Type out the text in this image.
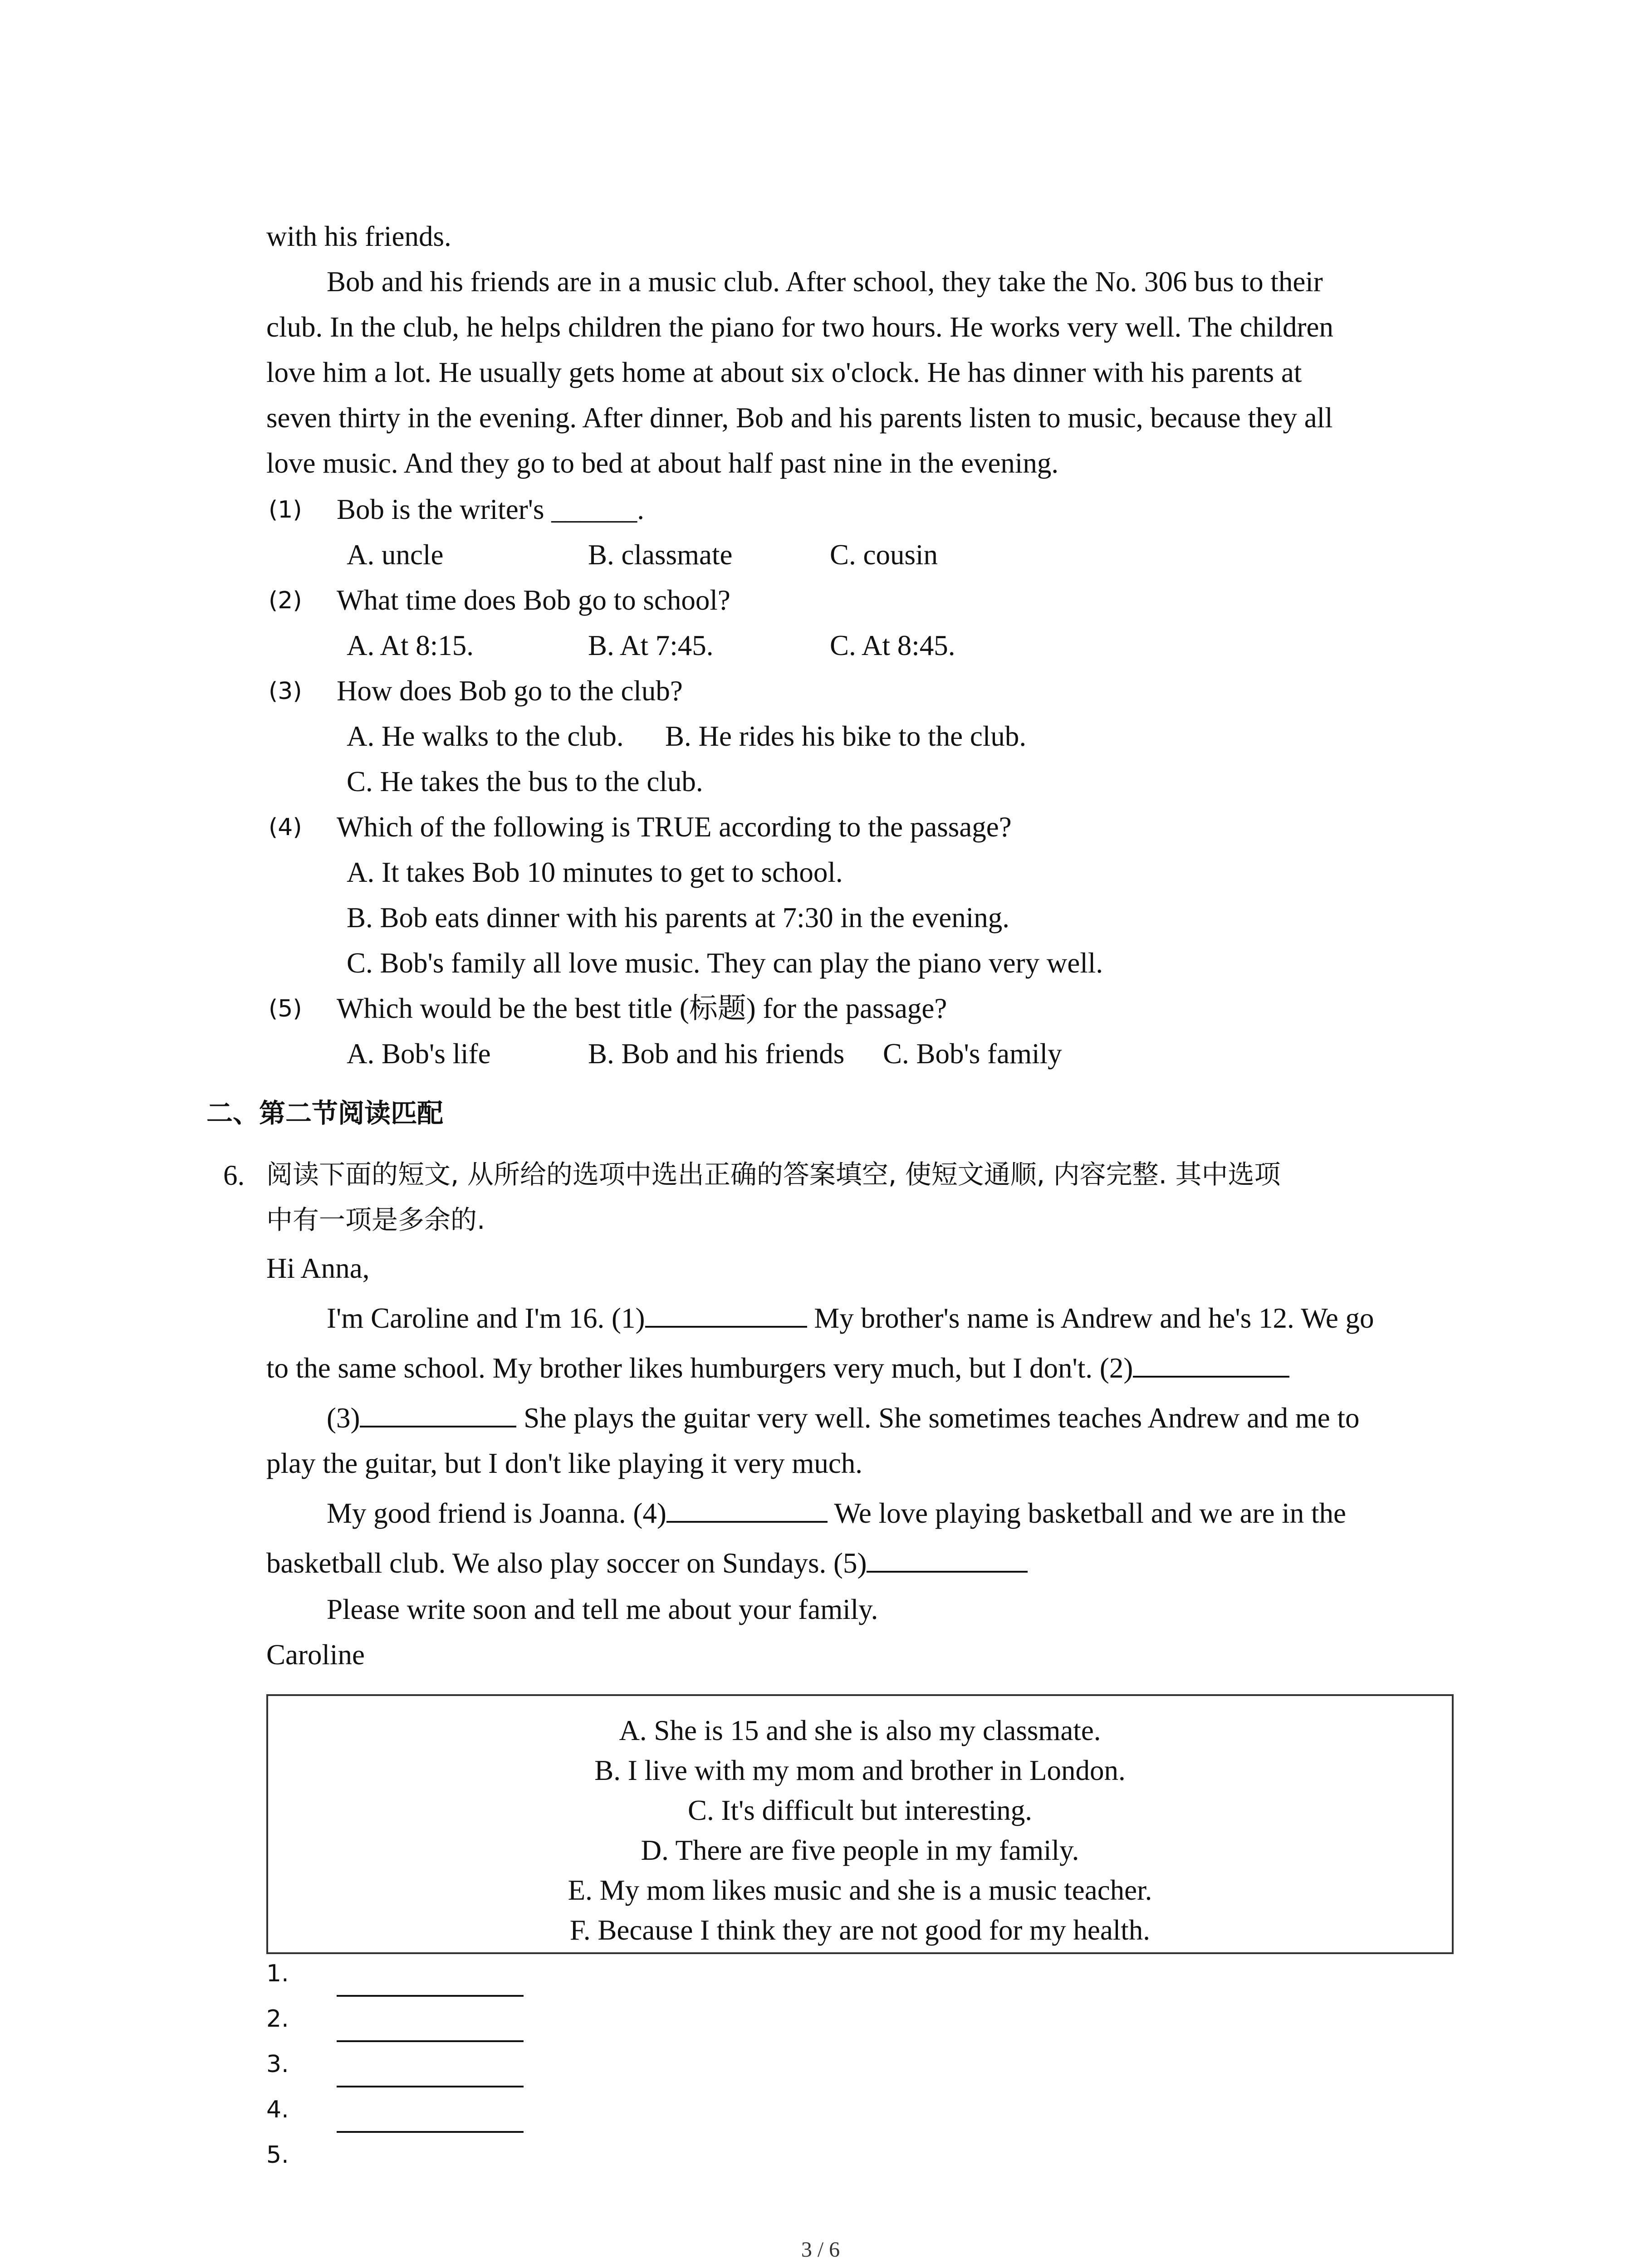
with his friends.
Bob and his friends are in a music club. After school, they take the No. 306 bus to their
club. In the club, he helps children the piano for two hours. He works very well. The children
love him a lot. He usually gets home at about six o'clock. He has dinner with his parents at
seven thirty in the evening. After dinner, Bob and his parents listen to music, because they all
love music. And they go to bed at about half past nine in the evening.
(1) Bob is the writer's ______.
A. uncle	B. classmate	C. cousin
(2) What time does Bob go to school?
A. At 8:15.	B. At 7:45.	C. At 8:45.
(3) How does Bob go to the club?
A. He walks to the club. B. He rides his bike to the club.
C. He takes the bus to the club.
(4) Which of the following is TRUE according to the passage?
A. It takes Bob 10 minutes to get to school.
B. Bob eats dinner with his parents at 7:30 in the evening.
C. Bob's family all love music. They can play the piano very well.
(5) Which would be the best title (标题) for the passage?
A. Bob's life	B. Bob and his friends C. Bob's family
二、第二节阅读匹配
6. 阅读下面的短文, 从所给的选项中选出正确的答案填空, 使短文通顺, 内容完整. 其中选项
中有一项是多余的.
Hi Anna,
I'm Caroline and I'm 16. (1)	My brother's name is Andrew and he's 12. We go
to the same school. My brother likes humburgers very much, but I don't. (2)
(3)	She plays the guitar very well. She sometimes teaches Andrew and me to
play the guitar, but I don't like playing it very much.
My good friend is Joanna. (4)	We love playing basketball and we are in the
basketball club. We also play soccer on Sundays. (5)
Please write soon and tell me about your family.
Caroline
A. She is 15 and she is also my classmate.
B. I live with my mom and brother in London.
C. It's difficult but interesting.
D. There are five people in my family.
E. My mom likes music and she is a music teacher.
F. Because I think they are not good for my health.
1.
2.
3.
4.
5.
3 / 6
